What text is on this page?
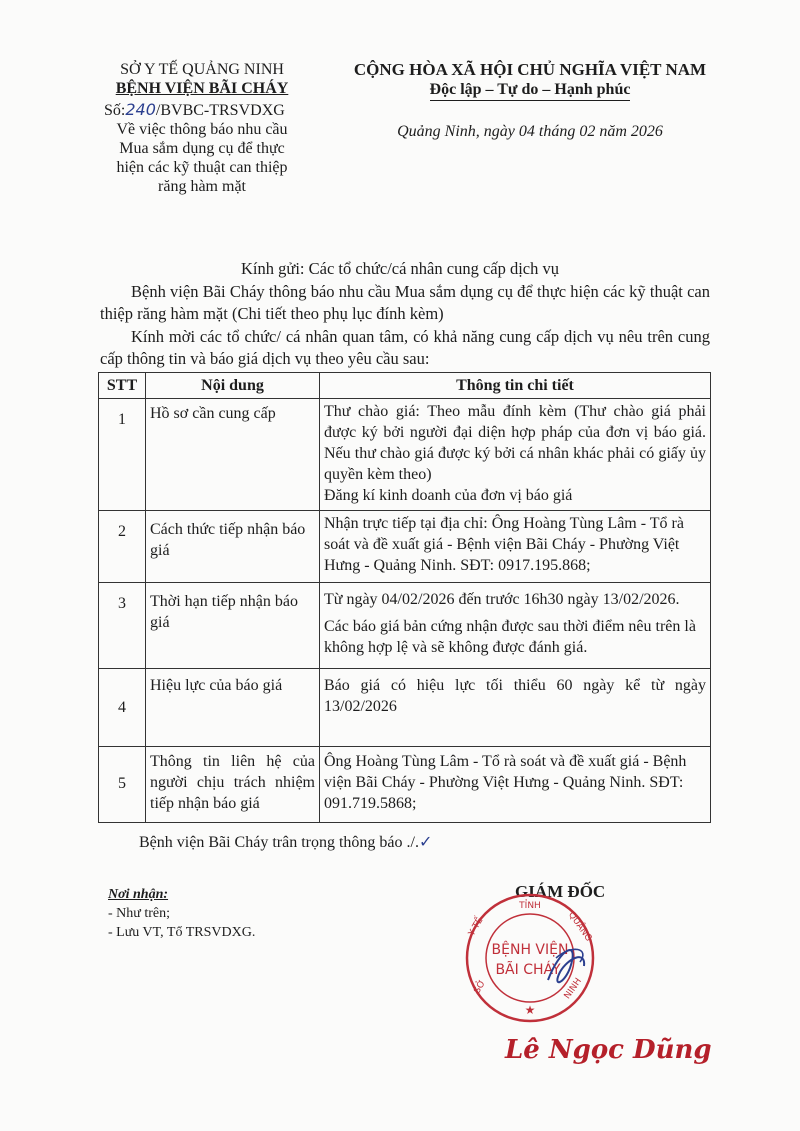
SỞ Y TẾ QUẢNG NINH
BỆNH VIỆN BÃI CHÁY
Số:240/BVBC-TRSVDXG
Về việc thông báo nhu cầu
Mua sắm dụng cụ để thực
hiện các kỹ thuật can thiệp
răng hàm mặt
CỘNG HÒA XÃ HỘI CHỦ NGHĨA VIỆT NAM
Độc lập – Tự do – Hạnh phúc
Quảng Ninh, ngày 04 tháng 02 năm 2026
Kính gửi: Các tổ chức/cá nhân cung cấp dịch vụ
Bệnh viện Bãi Cháy thông báo nhu cầu Mua sắm dụng cụ để thực hiện các kỹ thuật can thiệp răng hàm mặt (Chi tiết theo phụ lục đính kèm)
Kính mời các tổ chức/ cá nhân quan tâm, có khả năng cung cấp dịch vụ nêu trên cung cấp thông tin và báo giá dịch vụ theo yêu cầu sau:
STT	Nội dung	Thông tin chi tiết
1	Hồ sơ cần cung cấp	Thư chào giá: Theo mẫu đính kèm (Thư chào giá phải được ký bởi người đại diện hợp pháp của đơn vị báo giá. Nếu thư chào giá được ký bởi cá nhân khác phải có giấy ủy quyền kèm theo)
Đăng kí kinh doanh của đơn vị báo giá

2	Cách thức tiếp nhận báo giá	Nhận trực tiếp tại địa chỉ: Ông Hoàng Tùng Lâm - Tổ rà soát và đề xuất giá - Bệnh viện Bãi Cháy - Phường Việt Hưng - Quảng Ninh. SĐT: 0917.195.868;

3	Thời hạn tiếp nhận báo giá	Từ ngày 04/02/2026 đến trước 16h30 ngày 13/02/2026.
Các báo giá bản cứng nhận được sau thời điểm nêu trên là không hợp lệ và sẽ không được đánh giá.

4	Hiệu lực của báo giá	Báo giá có hiệu lực tối thiểu 60 ngày kể từ ngày 13/02/2026

5	Thông tin liên hệ của người chịu trách nhiệm tiếp nhận báo giá	Ông Hoàng Tùng Lâm - Tổ rà soát và đề xuất giá - Bệnh viện Bãi Cháy - Phường Việt Hưng - Quảng Ninh. SĐT: 091.719.5868;
Bệnh viện Bãi Cháy trân trọng thông báo ./.✓
Nơi nhận:
- Như trên;
- Lưu VT, Tổ TRSVDXG.
GIÁM ĐỐC
TỈNH
QUẢNG
BỆNH VIỆN
BÃI CHÁY
SỞ
Y TẾ
NINH
★
Lê Ngọc Dũng
